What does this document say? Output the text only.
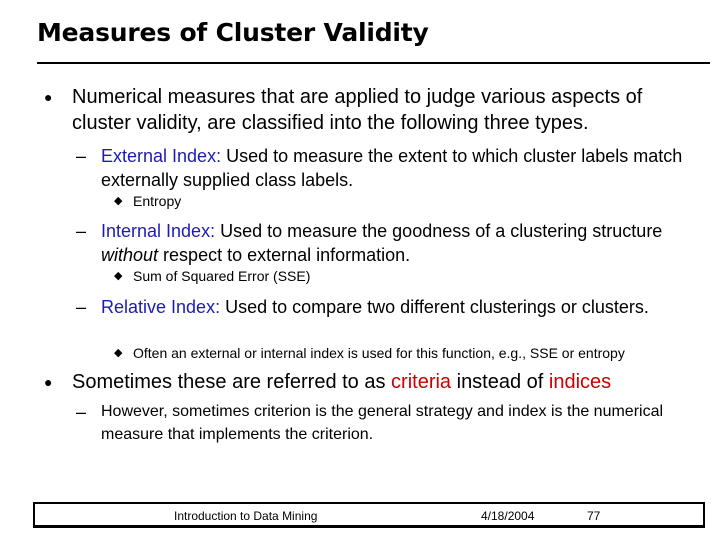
Measures of Cluster Validity
● Numerical measures that are applied to judge various aspects of cluster validity, are classified into the following three types.
– External Index: Used to measure the extent to which cluster labels match externally supplied class labels.
◆ Entropy
– Internal Index: Used to measure the goodness of a clustering structure without respect to external information.
◆ Sum of Squared Error (SSE)
– Relative Index: Used to compare two different clusterings or clusters.
◆ Often an external or internal index is used for this function, e.g., SSE or entropy
● Sometimes these are referred to as criteria instead of indices
– However, sometimes criterion is the general strategy and index is the numerical measure that implements the criterion.
Introduction to Data Mining	4/18/2004	77
